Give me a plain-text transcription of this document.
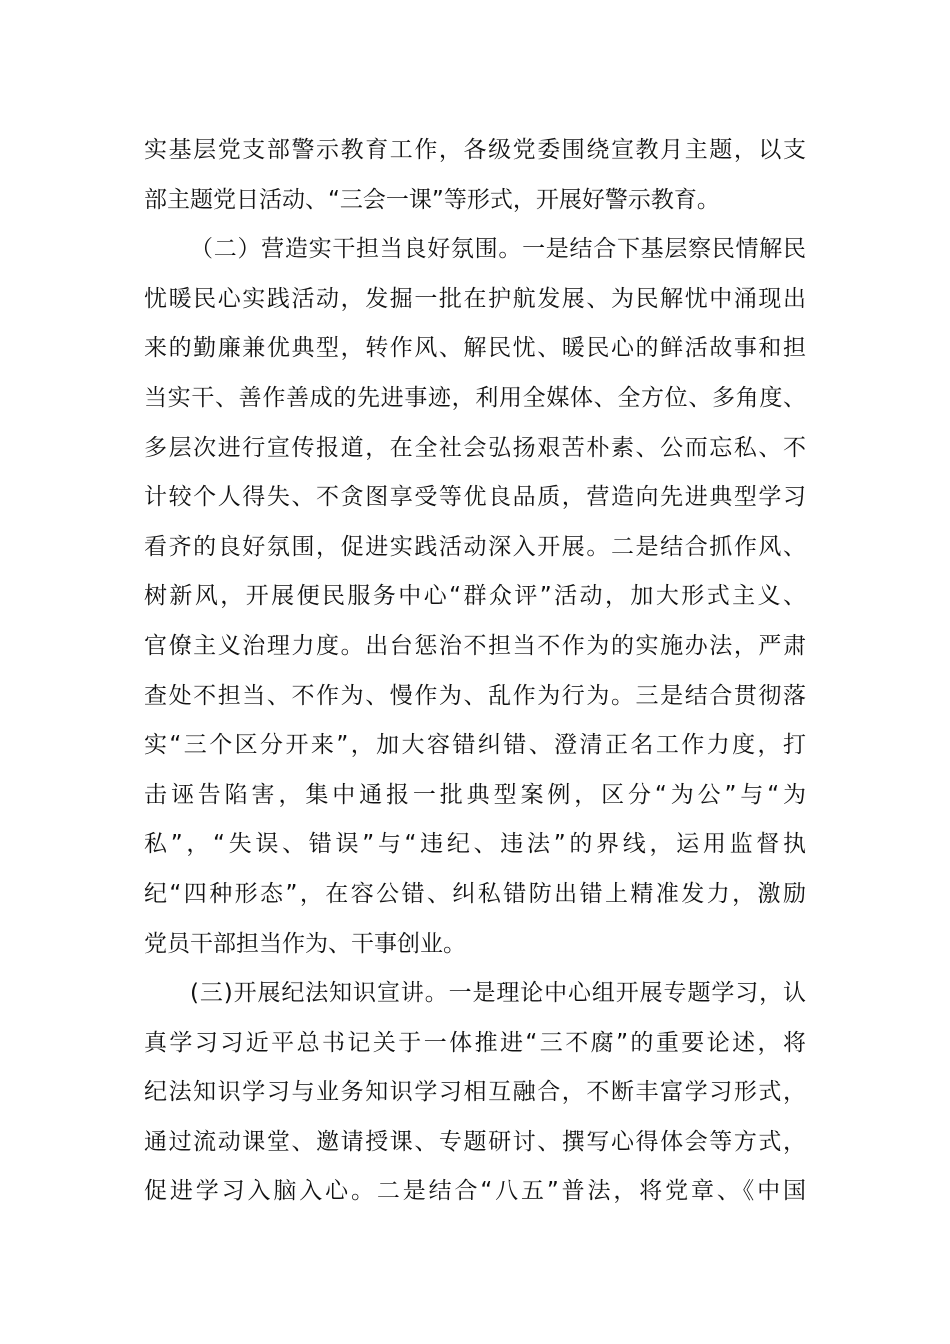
实基层党支部警示教育工作，各级党委围绕宣教月主题，以支
部主题党日活动、“三会一课”等形式，开展好警示教育。
（二）营造实干担当良好氛围。一是结合下基层察民情解民
忧暖民心实践活动，发掘一批在护航发展、为民解忧中涌现出
来的勤廉兼优典型，转作风、解民忧、暖民心的鲜活故事和担
当实干、善作善成的先进事迹，利用全媒体、全方位、多角度、
多层次进行宣传报道，在全社会弘扬艰苦朴素、公而忘私、不
计较个人得失、不贪图享受等优良品质，营造向先进典型学习
看齐的良好氛围，促进实践活动深入开展。二是结合抓作风、
树新风，开展便民服务中心“群众评”活动，加大形式主义、
官僚主义治理力度。出台惩治不担当不作为的实施办法，严肃
查处不担当、不作为、慢作为、乱作为行为。三是结合贯彻落
实“三个区分开来”，加大容错纠错、澄清正名工作力度，打
击诬告陷害，集中通报一批典型案例，区分“为公”与“为
私”，“失误、错误”与“违纪、违法”的界线，运用监督执
纪“四种形态”，在容公错、纠私错防出错上精准发力，激励
党员干部担当作为、干事创业。
(三)开展纪法知识宣讲。一是理论中心组开展专题学习，认
真学习习近平总书记关于一体推进“三不腐”的重要论述，将
纪法知识学习与业务知识学习相互融合，不断丰富学习形式，
通过流动课堂、邀请授课、专题研讨、撰写心得体会等方式，
促进学习入脑入心。二是结合“八五”普法，将党章、《中国
